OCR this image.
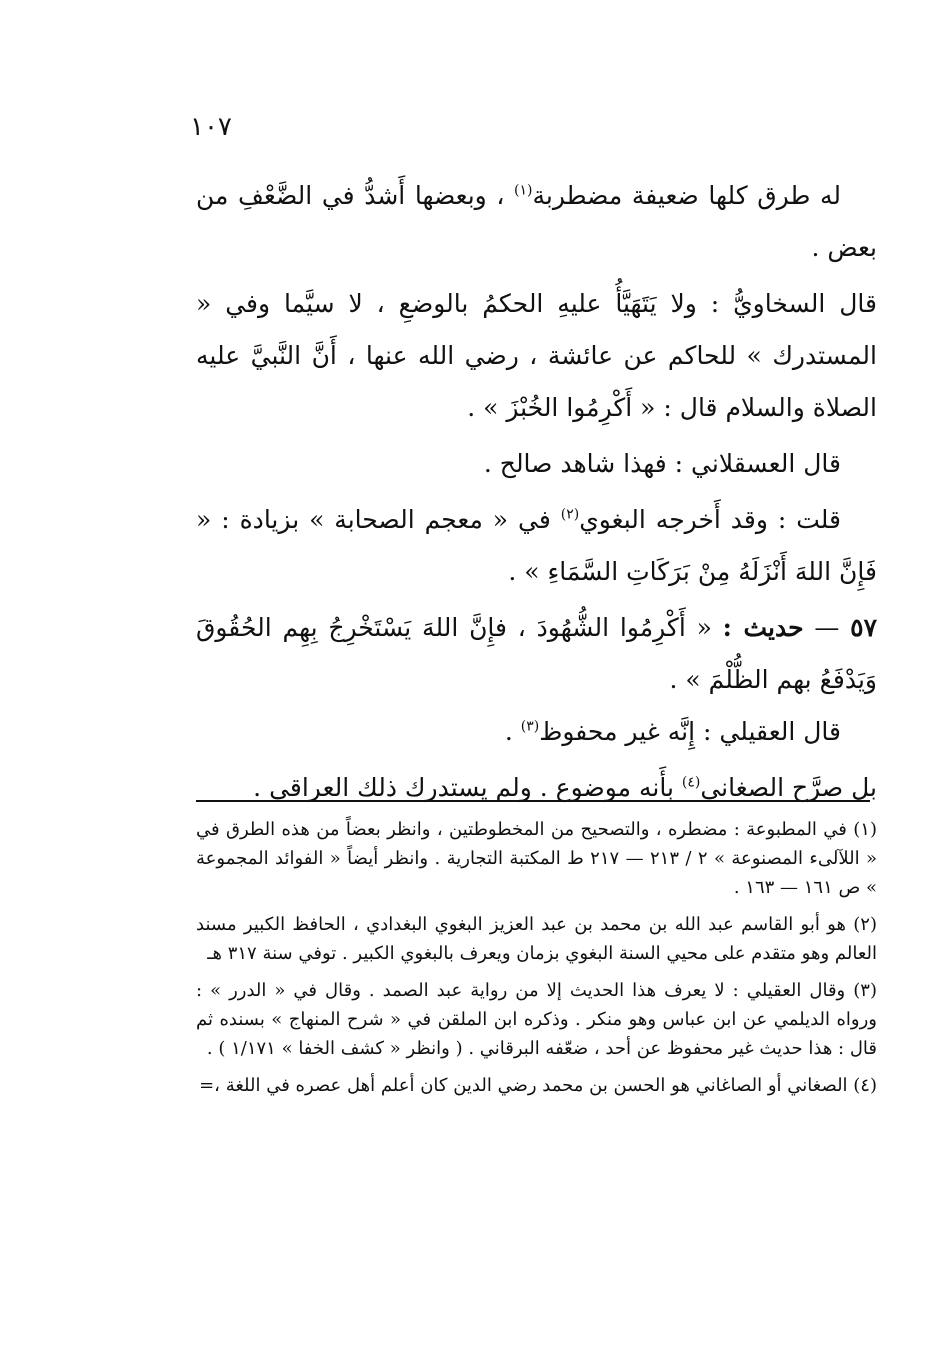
١٠٧

له طرق كلها ضعيفة مضطربة$^{(١)}$ ، وبعضها أَشدُّ في الضَّعْفِ من بعض .

قال السخاويُّ : ولا يَتَهَيَّأُ عليهِ الحكمُ بالوضعِ ، لا سيَّما وفي « المستدرك » للحاكم عن عائشة ، رضي الله عنها ، أَنَّ النَّبيَّ عليه الصلاة والسلام قال : « أَكْرِمُوا الخُبْزَ » .

قال العسقلاني : فهذا شاهد صالح .

قلت : وقد أَخرجه البغوي$^{(٢)}$ في « معجم الصحابة » بزيادة : « فَإِنَّ اللهَ أَنْزَلَهُ مِنْ بَرَكَاتِ السَّمَاءِ » .

٥٧ — حديث : « أَكْرِمُوا الشُّهُودَ ، فإِنَّ اللهَ يَسْتَخْرِجُ بِهِم الحُقُوقَ وَيَدْفَعُ بهم الظُّلْمَ » .

قال العقيلي : إِنَّه غير محفوظ$^{(٣)}$ .

بل صرَّح الصغاني$^{(٤)}$ بأَنه موضوع . ولم يستدرك ذلك العراقي .

(١) في المطبوعة : مضطره ، والتصحيح من المخطوطتين ، وانظر بعضاً من هذه الطرق في « اللآلىء المصنوعة » ٢ / ٢١٣ — ٢١٧ ط المكتبة التجارية . وانظر أيضاً « الفوائد المجموعة » ص ١٦١ — ١٦٣ .

(٢) هو أبو القاسم عبد الله بن محمد بن عبد العزيز البغوي البغدادي ، الحافظ الكبير مسند العالم وهو متقدم على محيي السنة البغوي بزمان ويعرف بالبغوي الكبير . توفي سنة ٣١٧ هـ

(٣) وقال العقيلي : لا يعرف هذا الحديث إلا من رواية عبد الصمد . وقال في « الدرر » : ورواه الديلمي عن ابن عباس وهو منكر . وذكره ابن الملقن في « شرح المنهاج » بسنده ثم قال : هذا حديث غير محفوظ عن أحد ، ضعّفه البرقاني . ( وانظر « كشف الخفا » ١/١٧١ ) .

(٤) الصغاني أو الصاغاني هو الحسن بن محمد رضي الدين كان أعلم أهل عصره في اللغة ،=
